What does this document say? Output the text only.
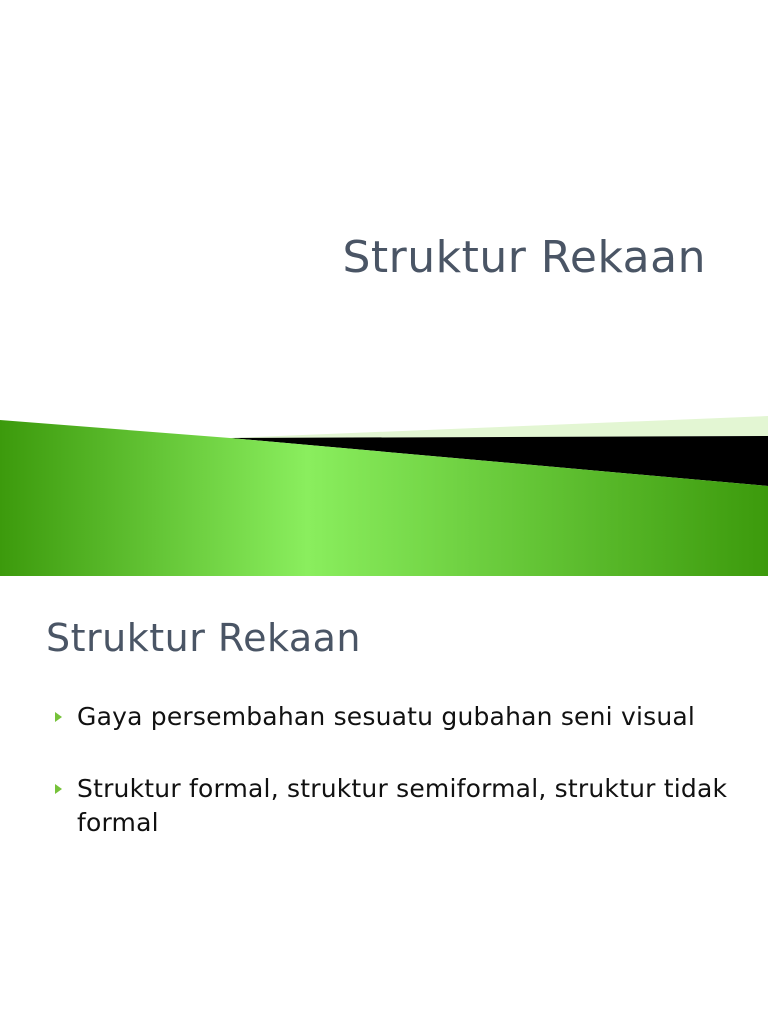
Struktur Rekaan
Struktur Rekaan
Gaya persembahan sesuatu gubahan seni visual
Struktur formal, struktur semiformal, struktur tidak formal
